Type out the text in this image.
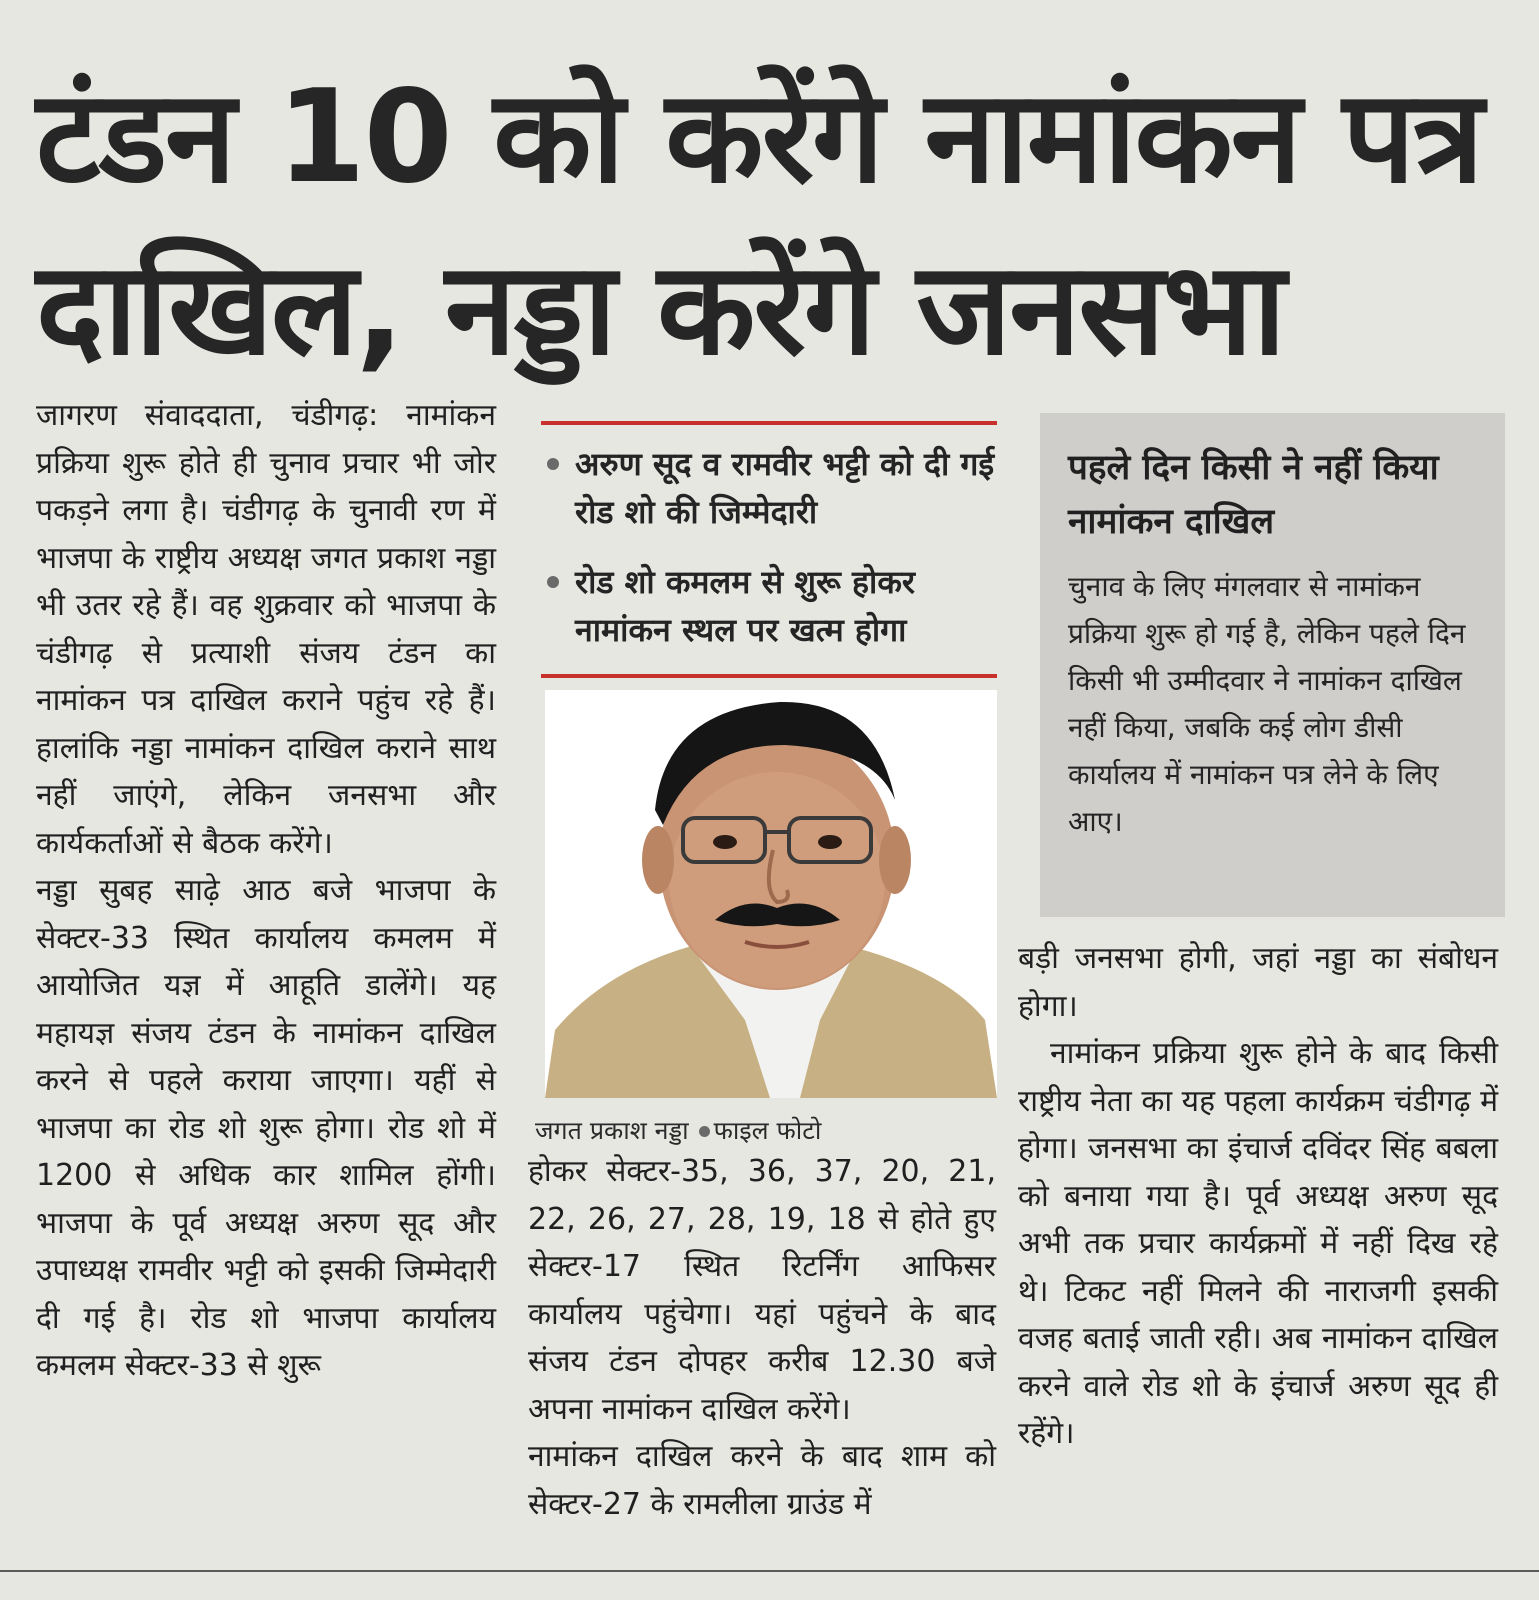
टंडन 10 को करेंगे नामांकन पत्र
दाखिल, नड्डा करेंगे जनसभा

जागरण संवाददाता, चंडीगढ़: नामांकन प्रक्रिया शुरू होते ही चुनाव प्रचार भी जोर पकड़ने लगा है। चंडीगढ़ के चुनावी रण में भाजपा के राष्ट्रीय अध्यक्ष जगत प्रकाश नड्डा भी उतर रहे हैं। वह शुक्रवार को भाजपा के चंडीगढ़ से प्रत्याशी संजय टंडन का नामांकन पत्र दाखिल कराने पहुंच रहे हैं। हालांकि नड्डा नामांकन दाखिल कराने साथ नहीं जाएंगे, लेकिन जनसभा और कार्यकर्ताओं से बैठक करेंगे।

नड्डा सुबह साढ़े आठ बजे भाजपा के सेक्टर-33 स्थित कार्यालय कमलम में आयोजित यज्ञ में आहूति डालेंगे। यह महायज्ञ संजय टंडन के नामांकन दाखिल करने से पहले कराया जाएगा। यहीं से भाजपा का रोड शो शुरू होगा। रोड शो में 1200 से अधिक कार शामिल होंगी। भाजपा के पूर्व अध्यक्ष अरुण सूद और उपाध्यक्ष रामवीर भट्टी को इसकी जिम्मेदारी दी गई है। रोड शो भाजपा कार्यालय कमलम सेक्टर-33 से शुरू

अरुण सूद व रामवीर भट्टी को दी गई रोड शो की जिम्मेदारी
रोड शो कमलम से शुरू होकर नामांकन स्थल पर खत्म होगा
जगत प्रकाश नड्डा फाइल फोटो

होकर सेक्टर-35, 36, 37, 20, 21, 22, 26, 27, 28, 19, 18 से होते हुए सेक्टर-17 स्थित रिटर्निंग आफिसर कार्यालय पहुंचेगा। यहां पहुंचने के बाद संजय टंडन दोपहर करीब 12.30 बजे अपना नामांकन दाखिल करेंगे।

नामांकन दाखिल करने के बाद शाम को सेक्टर-27 के रामलीला ग्राउंड में

पहले दिन किसी ने नहीं किया नामांकन दाखिल

चुनाव के लिए मंगलवार से नामांकन प्रक्रिया शुरू हो गई है, लेकिन पहले दिन किसी भी उम्मीदवार ने नामांकन दाखिल नहीं किया, जबकि कई लोग डीसी कार्यालय में नामांकन पत्र लेने के लिए आए।

बड़ी जनसभा होगी, जहां नड्डा का संबोधन होगा।

नामांकन प्रक्रिया शुरू होने के बाद किसी राष्ट्रीय नेता का यह पहला कार्यक्रम चंडीगढ़ में होगा। जनसभा का इंचार्ज दविंदर सिंह बबला को बनाया गया है। पूर्व अध्यक्ष अरुण सूद अभी तक प्रचार कार्यक्रमों में नहीं दिख रहे थे। टिकट नहीं मिलने की नाराजगी इसकी वजह बताई जाती रही। अब नामांकन दाखिल करने वाले रोड शो के इंचार्ज अरुण सूद ही रहेंगे।
